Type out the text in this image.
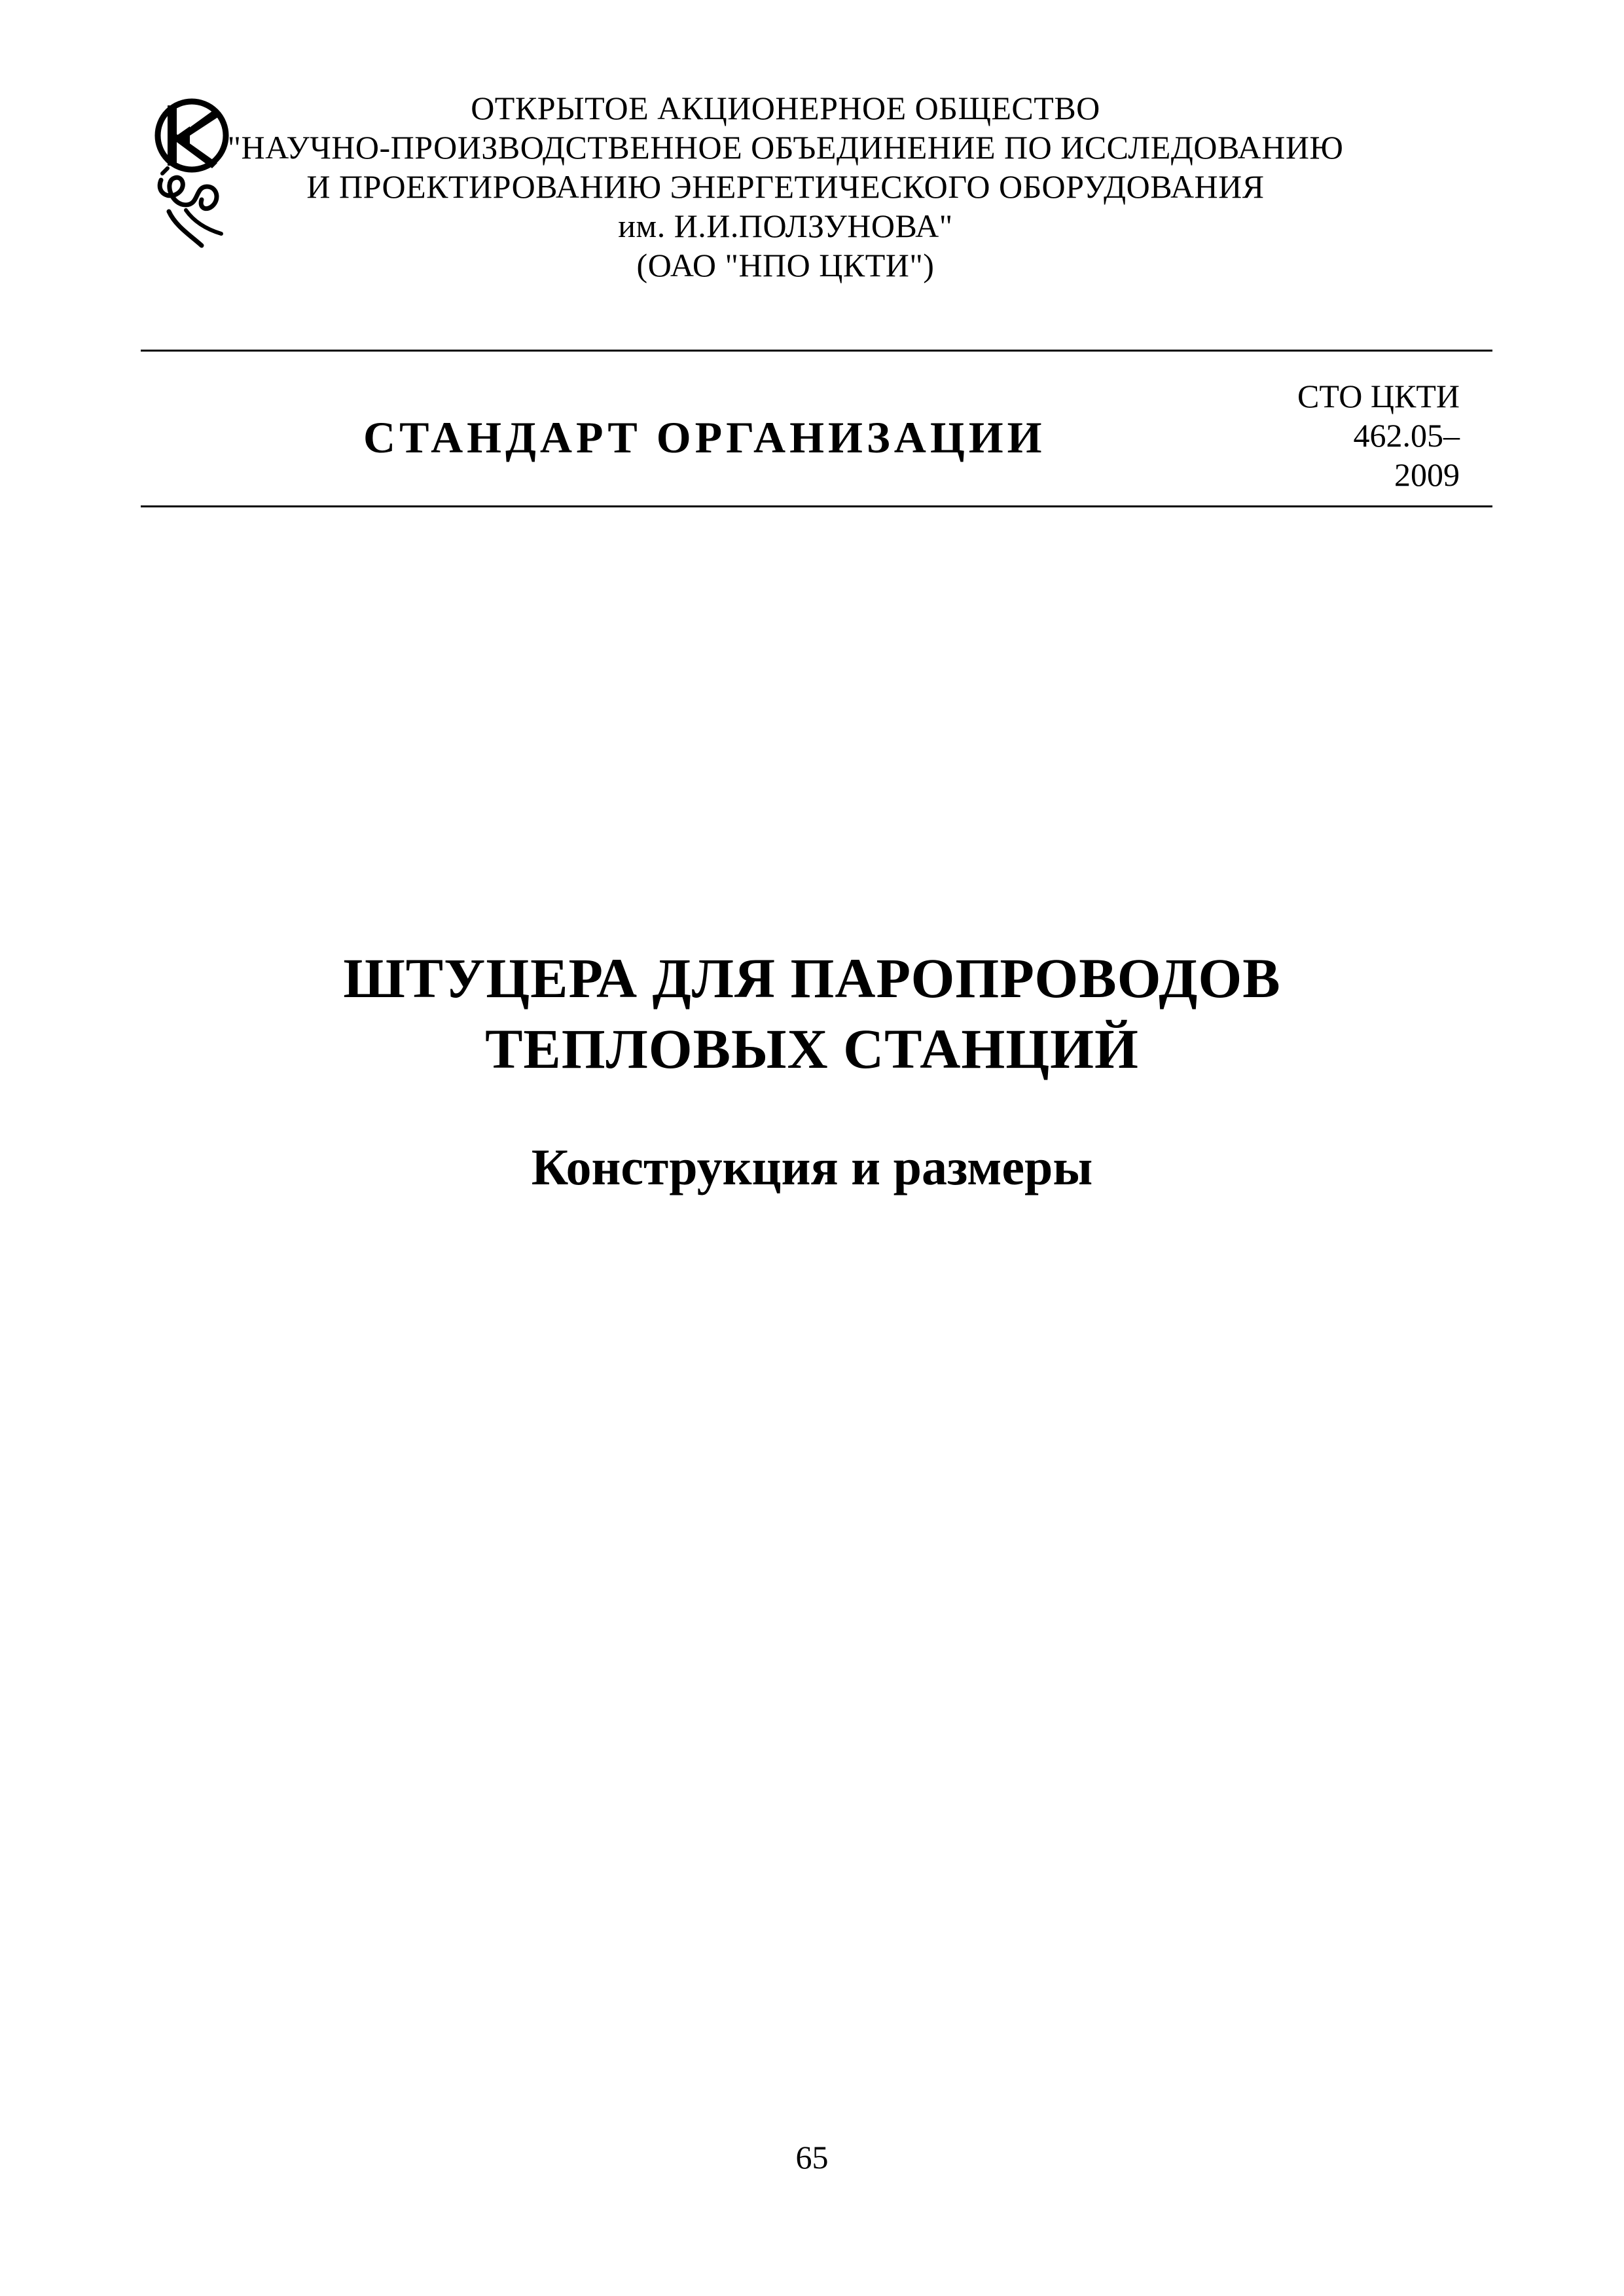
ОТКРЫТОЕ АКЦИОНЕРНОЕ ОБЩЕСТВО
"НАУЧНО-ПРОИЗВОДСТВЕННОЕ ОБЪЕДИНЕНИЕ ПО ИССЛЕДОВАНИЮ
И ПРОЕКТИРОВАНИЮ ЭНЕРГЕТИЧЕСКОГО ОБОРУДОВАНИЯ
им. И.И.ПОЛЗУНОВА"
(ОАО "НПО ЦКТИ")
СТАНДАРТ ОРГАНИЗАЦИИ
СТО ЦКТИ
462.05–
2009
ШТУЦЕРА ДЛЯ ПАРОПРОВОДОВ
ТЕПЛОВЫХ СТАНЦИЙ
Конструкция и размеры
65
